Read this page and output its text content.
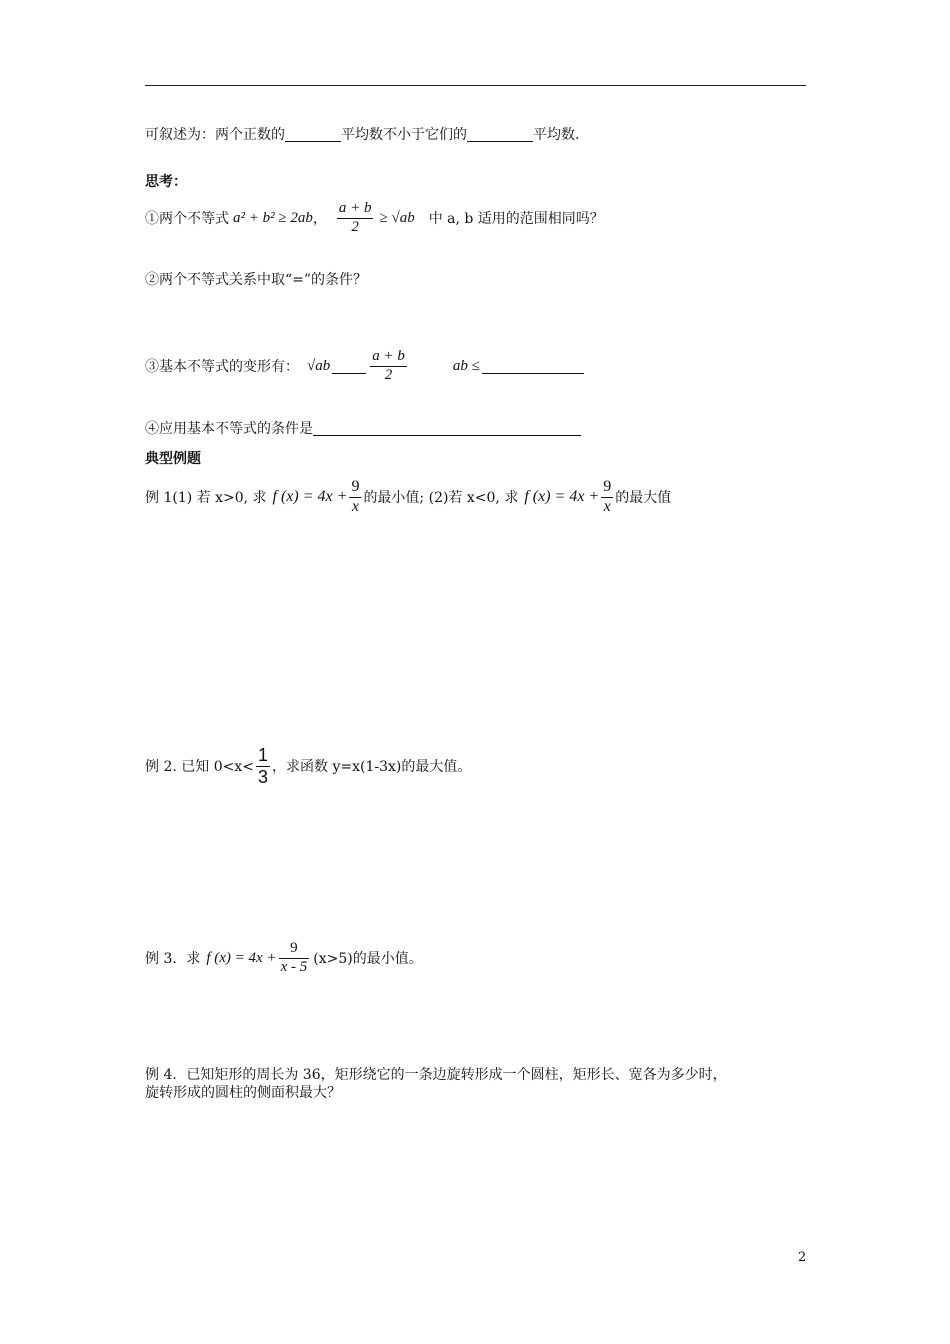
可叙述为：两个正数的	平均数不小于它们的	平均数.
思考：
①两个不等式 a² + b² ≥ 2ab ， $\frac{a + b}{2} \ge √ab$ 中 a, b 适用的范围相同吗？
②两个不等式关系中取“=”的条件？
③基本不等式的变形有： √ab	$\frac{a + b}{2}$	ab ≤
④应用基本不等式的条件是
典型例题
例 1(1) 若 x>0, 求 f $(x) = 4x + \frac{9}{x}$ 的最小值; (2)若 x<0, 求 f $(x) = 4x + \frac{9}{x}$ 的最大值
例 2. 已知 $0<x< \frac{1}{3}$ ，求函数 y=x(1-3x)的最大值。
例 3．求 f $(x) = 4x + \frac{9}{x - 5} (x>5)$的最小值。
例 4．已知矩形的周长为 36，矩形绕它的一条边旋转形成一个圆柱，矩形长、宽各为多少时，
旋转形成的圆柱的侧面积最大？
2
